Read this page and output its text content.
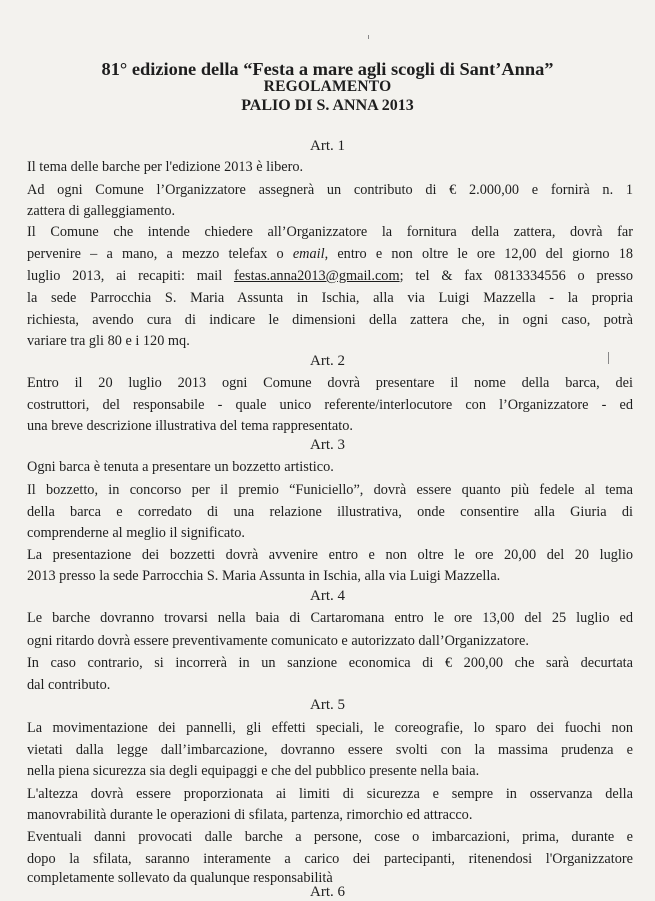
81° edizione della “Festa a mare agli scogli di Sant’Anna”
REGOLAMENTO
PALIO DI S. ANNA 2013
Art. 1
Il tema delle barche per l'edizione 2013 è libero.
Ad ogni Comune l’Organizzatore assegnerà un contributo di € 2.000,00 e fornirà n. 1
zattera di galleggiamento.
Il Comune che intende chiedere all’Organizzatore la fornitura della zattera, dovrà far
pervenire – a mano, a mezzo telefax o email, entro e non oltre le ore 12,00 del giorno 18
luglio 2013, ai recapiti: mail festas.anna2013@gmail.com; tel & fax 0813334556 o presso
la sede Parrocchia S. Maria Assunta in Ischia, alla via Luigi Mazzella - la propria
richiesta, avendo cura di indicare le dimensioni della zattera che, in ogni caso, potrà
variare tra gli 80 e i 120 mq.
Art. 2
Entro il 20 luglio 2013 ogni Comune dovrà presentare il nome della barca, dei
costruttori, del responsabile - quale unico referente/interlocutore con l’Organizzatore - ed
una breve descrizione illustrativa del tema rappresentato.
Art. 3
Ogni barca è tenuta a presentare un bozzetto artistico.
Il bozzetto, in concorso per il premio “Funiciello”, dovrà essere quanto più fedele al tema
della barca e corredato di una relazione illustrativa, onde consentire alla Giuria di
comprenderne al meglio il significato.
La presentazione dei bozzetti dovrà avvenire entro e non oltre le ore 20,00 del 20 luglio
2013 presso la sede Parrocchia S. Maria Assunta in Ischia, alla via Luigi Mazzella.
Art. 4
Le barche dovranno trovarsi nella baia di Cartaromana entro le ore 13,00 del 25 luglio ed
ogni ritardo dovrà essere preventivamente comunicato e autorizzato dall’Organizzatore.
In caso contrario, si incorrerà in un sanzione economica di € 200,00 che sarà decurtata
dal contributo.
Art. 5
La movimentazione dei pannelli, gli effetti speciali, le coreografie, lo sparo dei fuochi non
vietati dalla legge dall’imbarcazione, dovranno essere svolti con la massima prudenza e
nella piena sicurezza sia degli equipaggi e che del pubblico presente nella baia.
L'altezza dovrà essere proporzionata ai limiti di sicurezza e sempre in osservanza della
manovrabilità durante le operazioni di sfilata, partenza, rimorchio ed attracco.
Eventuali danni provocati dalle barche a persone, cose o imbarcazioni, prima, durante e
dopo la sfilata, saranno interamente a carico dei partecipanti, ritenendosi l'Organizzatore
completamente sollevato da qualunque responsabilità
Art. 6
